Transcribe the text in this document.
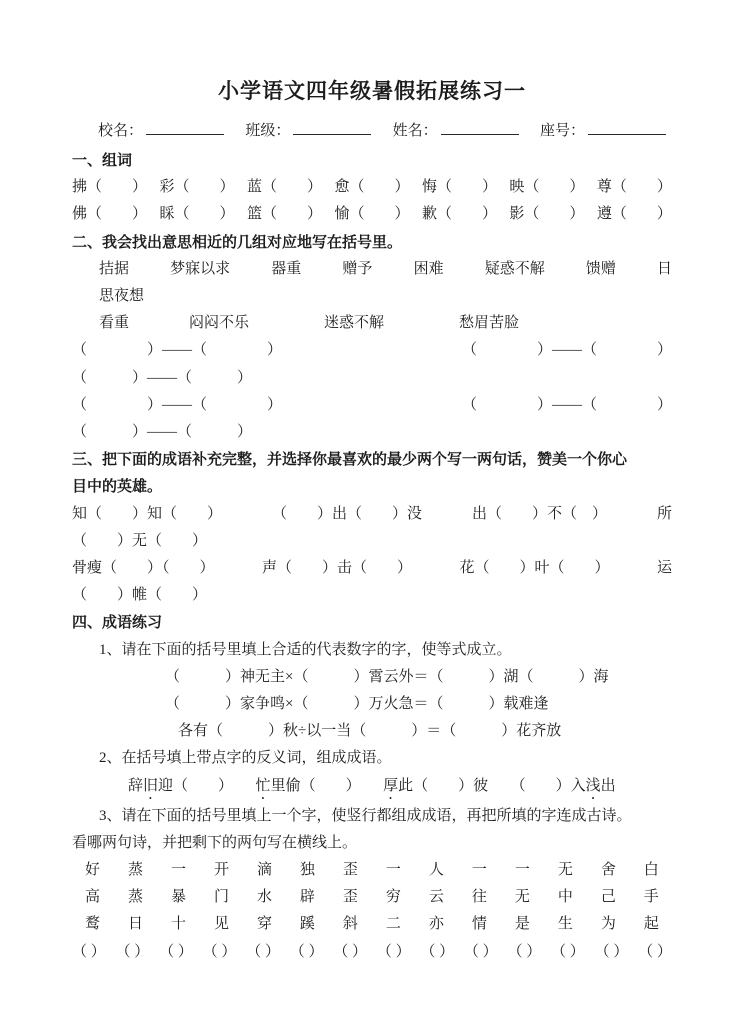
小学语文四年级暑假拓展练习一
校名：	班级：	姓名：	座号：
一、组词
拂（　　） 彩（　　） 蓝（　　） 愈（　　） 悔（　　） 映（　　） 尊（　　）
佛（　　） 睬（　　） 篮（　　） 愉（　　） 歉（　　） 影（　　） 遵（　　）
二、我会找出意思相近的几组对应地写在括号里。
拮据	梦寐以求	器重	赠予	困难	疑惑不解	馈赠	日
思夜想
看重　　　　闷闷不乐　　　　　迷惑不解　　　　　愁眉苦脸
（　　　　）——（　　　　）	（　　　　）——（　　　　）
（　　　）——（　　　）
（　　　　）——（　　　　）	（　　　　）——（　　　　）
（　　　）——（　　　）
三、把下面的成语补充完整，并选择你最喜欢的最少两个写一两句话，赞美一个你心
目中的英雄。
知（　　）知（　　）	（　　）出（　　）没	出（　　）不（　）	所
（　　）无（　　）
骨瘦（　　）（　　）	声（　　）击（　　）	花（　　）叶（　　）	运
（　　）帷（　　）
四、成语练习
1、请在下面的括号里填上合适的代表数字的字，使等式成立。
（　　　）神无主×（　　　）霄云外＝（　　　）湖（　　　）海
（　　　）家争鸣×（　　　）万火急＝（　　　）载难逢
各有（　　　）秋÷以一当（　　　）＝（　　　）花齐放
2、在括号填上带点字的反义词，组成成语。
辞旧迎（　　）　　忙里偷（　　）　　厚此（　　）彼　　（　　）入浅出
3、请在下面的括号里填上一个字，使竖行都组成成语，再把所填的字连成古诗。
看哪两句诗，并把剩下的两句写在横线上。
好 蒸 一 开 滴 独 歪 一 人 一 一 无 舍 白
高 蒸 暴 门 水 辟 歪 穷 云 往 无 中 己 手
鹜 日 十 见 穿 蹊 斜 二 亦 情 是 生 为 起
（ ） （ ） （ ） （ ） （ ） （ ） （ ） （ ） （ ） （ ） （ ） （ ） （ ） （ ）
